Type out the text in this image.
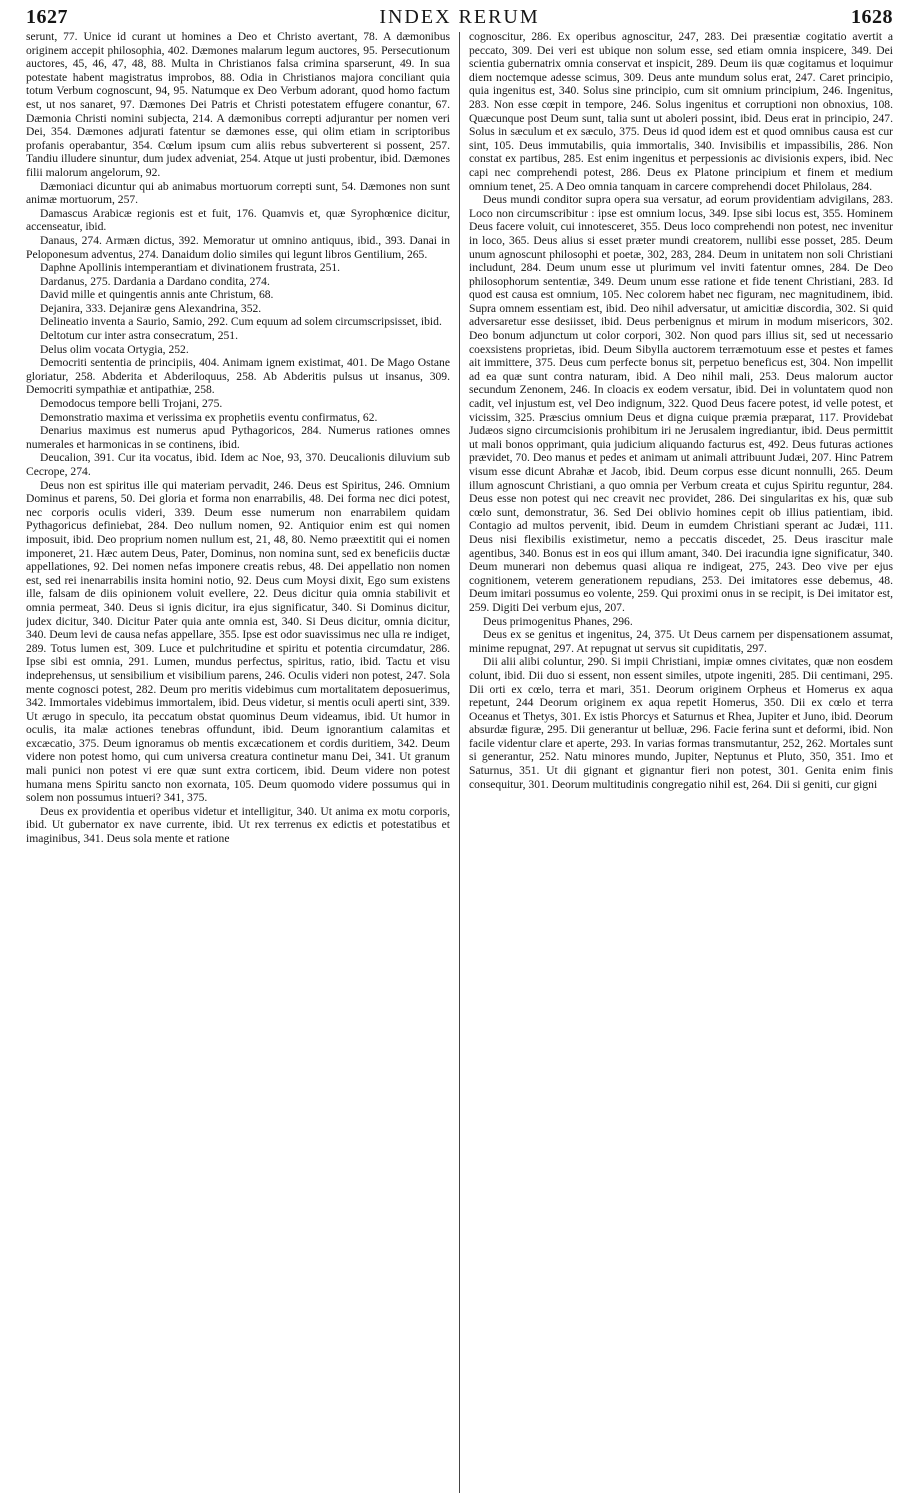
1627	INDEX RERUM	1628

serunt, 77. Unice id curant ut homines a Deo et Christo avertant, 78. A dæmonibus originem accepit philosophia, 402. Dæmones malarum legum auctores, 95. Persecutionum auctores, 45, 46, 47, 48, 88. Multa in Christianos falsa crimina sparserunt, 49. In sua potestate habent magistratus improbos, 88. Odia in Christianos majora conciliant quia totum Verbum cognoscunt, 94, 95. Natumque ex Deo Verbum adorant, quod homo factum est, ut nos sanaret, 97. Dæmones Dei Patris et Christi potestatem effugere conantur, 67. Dæmonia Christi nomini subjecta, 214. A dæmonibus correpti adjurantur per nomen veri Dei, 354. Dæmones adjurati fatentur se dæmones esse, qui olim etiam in scriptoribus profanis operabantur, 354. Cœlum ipsum cum aliis rebus subverterent si possent, 257. Tandiu illudere sinuntur, dum judex adveniat, 254. Atque ut justi probentur, ibid. Dæmones filii malorum angelorum, 92.

Dæmoniaci dicuntur qui ab animabus mortuorum correpti sunt, 54. Dæmones non sunt animæ mortuorum, 257.

Damascus Arabicæ regionis est et fuit, 176. Quamvis et, quæ Syrophœnice dicitur, accenseatur, ibid.

Danaus, 274. Armæn dictus, 392. Memoratur ut omnino antiquus, ibid., 393. Danai in Peloponesum adventus, 274. Danaidum dolio similes qui legunt libros Gentilium, 265.

Daphne Apollinis intemperantiam et divinationem frustrata, 251.

Dardanus, 275. Dardania a Dardano condita, 274.

David mille et quingentis annis ante Christum, 68.

Dejanira, 333. Dejaniræ gens Alexandrina, 352.

Delineatio inventa a Saurio, Samio, 292. Cum equum ad solem circumscripsisset, ibid.

Deltotum cur inter astra consecratum, 251.

Delus olim vocata Ortygia, 252.

Democriti sententia de principiis, 404. Animam ignem existimat, 401. De Mago Ostane gloriatur, 258. Abderita et Abderiloquus, 258. Ab Abderitis pulsus ut insanus, 309. Democriti sympathiæ et antipathiæ, 258.

Demodocus tempore belli Trojani, 275.

Demonstratio maxima et verissima ex prophetiis eventu confirmatus, 62.

Denarius maximus est numerus apud Pythagoricos, 284. Numerus rationes omnes numerales et harmonicas in se continens, ibid.

Deucalion, 391. Cur ita vocatus, ibid. Idem ac Noe, 93, 370. Deucalionis diluvium sub Cecrope, 274.

Deus non est spiritus ille qui materiam pervadit, 246. Deus est Spiritus, 246. Omnium Dominus et parens, 50. Dei gloria et forma non enarrabilis, 48. Dei forma nec dici potest, nec corporis oculis videri, 339. Deum esse numerum non enarrabilem quidam Pythagoricus definiebat, 284. Deo nullum nomen, 92. Antiquior enim est qui nomen imposuit, ibid. Deo proprium nomen nullum est, 21, 48, 80. Nemo præextitit qui ei nomen imponeret, 21. Hæc autem Deus, Pater, Dominus, non nomina sunt, sed ex beneficiis ductæ appellationes, 92. Dei nomen nefas imponere creatis rebus, 48. Dei appellatio non nomen est, sed rei inenarrabilis insita homini notio, 92. Deus cum Moysi dixit, Ego sum existens ille, falsam de diis opinionem voluit evellere, 22. Deus dicitur quia omnia stabilivit et omnia permeat, 340. Deus si ignis dicitur, ira ejus significatur, 340. Si Dominus dicitur, judex dicitur, 340. Dicitur Pater quia ante omnia est, 340. Si Deus dicitur, omnia dicitur, 340. Deum levi de causa nefas appellare, 355. Ipse est odor suavissimus nec ulla re indiget, 289. Totus lumen est, 309. Luce et pulchritudine et spiritu et potentia circumdatur, 286. Ipse sibi est omnia, 291. Lumen, mundus perfectus, spiritus, ratio, ibid. Tactu et visu indeprehensus, ut sensibilium et visibilium parens, 246. Oculis videri non potest, 247. Sola mente cognosci potest, 282. Deum pro meritis videbimus cum mortalitatem deposuerimus, 342. Immortales videbimus immortalem, ibid. Deus videtur, si mentis oculi aperti sint, 339. Ut ærugo in speculo, ita peccatum obstat quominus Deum videamus, ibid. Ut humor in oculis, ita malæ actiones tenebras offundunt, ibid. Deum ignorantium calamitas et excæcatio, 375. Deum ignoramus ob mentis excæcationem et cordis duritiem, 342. Deum videre non potest homo, qui cum universa creatura continetur manu Dei, 341. Ut granum mali punici non potest vi ere quæ sunt extra corticem, ibid. Deum videre non potest humana mens Spiritu sancto non exornata, 105. Deum quomodo videre possumus qui in solem non possumus intueri? 341, 375.

Deus ex providentia et operibus videtur et intelligitur, 340. Ut anima ex motu corporis, ibid. Ut gubernator ex nave currente, ibid. Ut rex terrenus ex edictis et potestatibus et imaginibus, 341. Deus sola mente et ratione

cognoscitur, 286. Ex operibus agnoscitur, 247, 283. Dei præsentiæ cogitatio avertit a peccato, 309. Dei veri est ubique non solum esse, sed etiam omnia inspicere, 349. Dei scientia gubernatrix omnia conservat et inspicit, 289. Deum iis quæ cogitamus et loquimur diem noctemque adesse scimus, 309. Deus ante mundum solus erat, 247. Caret principio, quia ingenitus est, 340. Solus sine principio, cum sit omnium principium, 246. Ingenitus, 283. Non esse cœpit in tempore, 246. Solus ingenitus et corruptioni non obnoxius, 108. Quæcunque post Deum sunt, talia sunt ut aboleri possint, ibid. Deus erat in principio, 247. Solus in sæculum et ex sæculo, 375. Deus id quod idem est et quod omnibus causa est cur sint, 105. Deus immutabilis, quia immortalis, 340. Invisibilis et impassibilis, 286. Non constat ex partibus, 285. Est enim ingenitus et perpessionis ac divisionis expers, ibid. Nec capi nec comprehendi potest, 286. Deus ex Platone principium et finem et medium omnium tenet, 25. A Deo omnia tanquam in carcere comprehendi docet Philolaus, 284.

Deus mundi conditor supra opera sua versatur, ad eorum providentiam advigilans, 283. Loco non circumscribitur : ipse est omnium locus, 349. Ipse sibi locus est, 355. Hominem Deus facere voluit, cui innotesceret, 355. Deus loco comprehendi non potest, nec invenitur in loco, 365. Deus alius si esset præter mundi creatorem, nullibi esse posset, 285. Deum unum agnoscunt philosophi et poetæ, 302, 283, 284. Deum in unitatem non soli Christiani includunt, 284. Deum unum esse ut plurimum vel inviti fatentur omnes, 284. De Deo philosophorum sententiæ, 349. Deum unum esse ratione et fide tenent Christiani, 283. Id quod est causa est omnium, 105. Nec colorem habet nec figuram, nec magnitudinem, ibid. Supra omnem essentiam est, ibid. Deo nihil adversatur, ut amicitiæ discordia, 302. Si quid adversaretur esse desiisset, ibid. Deus perbenignus et mirum in modum misericors, 302. Deo bonum adjunctum ut color corpori, 302. Non quod pars illius sit, sed ut necessario coexsistens proprietas, ibid. Deum Sibylla auctorem terræmotuum esse et pestes et fames ait immittere, 375. Deus cum perfecte bonus sit, perpetuo beneficus est, 304. Non impellit ad ea quæ sunt contra naturam, ibid. A Deo nihil mali, 253. Deus malorum auctor secundum Zenonem, 246. In cloacis ex eodem versatur, ibid. Dei in voluntatem quod non cadit, vel injustum est, vel Deo indignum, 322. Quod Deus facere potest, id velle potest, et vicissim, 325. Præscius omnium Deus et digna cuique præmia præparat, 117. Providebat Judæos signo circumcisionis prohibitum iri ne Jerusalem ingrediantur, ibid. Deus permittit ut mali bonos opprimant, quia judicium aliquando facturus est, 492. Deus futuras actiones prævidet, 70. Deo manus et pedes et animam ut animali attribuunt Judæi, 207. Hinc Patrem visum esse dicunt Abrahæ et Jacob, ibid. Deum corpus esse dicunt nonnulli, 265. Deum illum agnoscunt Christiani, a quo omnia per Verbum creata et cujus Spiritu reguntur, 284. Deus esse non potest qui nec creavit nec providet, 286. Dei singularitas ex his, quæ sub cœlo sunt, demonstratur, 36. Sed Dei oblivio homines cepit ob illius patientiam, ibid. Contagio ad multos pervenit, ibid. Deum in eumdem Christiani sperant ac Judæi, 111. Deus nisi flexibilis existimetur, nemo a peccatis discedet, 25. Deus irascitur male agentibus, 340. Bonus est in eos qui illum amant, 340. Dei iracundia igne significatur, 340. Deum munerari non debemus quasi aliqua re indigeat, 275, 243. Deo vive per ejus cognitionem, veterem generationem repudians, 253. Dei imitatores esse debemus, 48. Deum imitari possumus eo volente, 259. Qui proximi onus in se recipit, is Dei imitator est, 259. Digiti Dei verbum ejus, 207.

Deus primogenitus Phanes, 296.

Deus ex se genitus et ingenitus, 24, 375. Ut Deus carnem per dispensationem assumat, minime repugnat, 297. At repugnat ut servus sit cupiditatis, 297.

Dii alii alibi coluntur, 290. Si impii Christiani, impiæ omnes civitates, quæ non eosdem colunt, ibid. Dii duo si essent, non essent similes, utpote ingeniti, 285. Dii centimani, 295. Dii orti ex cœlo, terra et mari, 351. Deorum originem Orpheus et Homerus ex aqua repetunt, 244 Deorum originem ex aqua repetit Homerus, 350. Dii ex cœlo et terra Oceanus et Thetys, 301. Ex istis Phorcys et Saturnus et Rhea, Jupiter et Juno, ibid. Deorum absurdæ figuræ, 295. Dii generantur ut belluæ, 296. Facie ferina sunt et deformi, ibid. Non facile videntur clare et aperte, 293. In varias formas transmutantur, 252, 262. Mortales sunt si generantur, 252. Natu minores mundo, Jupiter, Neptunus et Pluto, 350, 351. Imo et Saturnus, 351. Ut dii gignant et gignantur fieri non potest, 301. Genita enim finis consequitur, 301. Deorum multitudinis congregatio nihil est, 264. Dii si geniti, cur gigni
